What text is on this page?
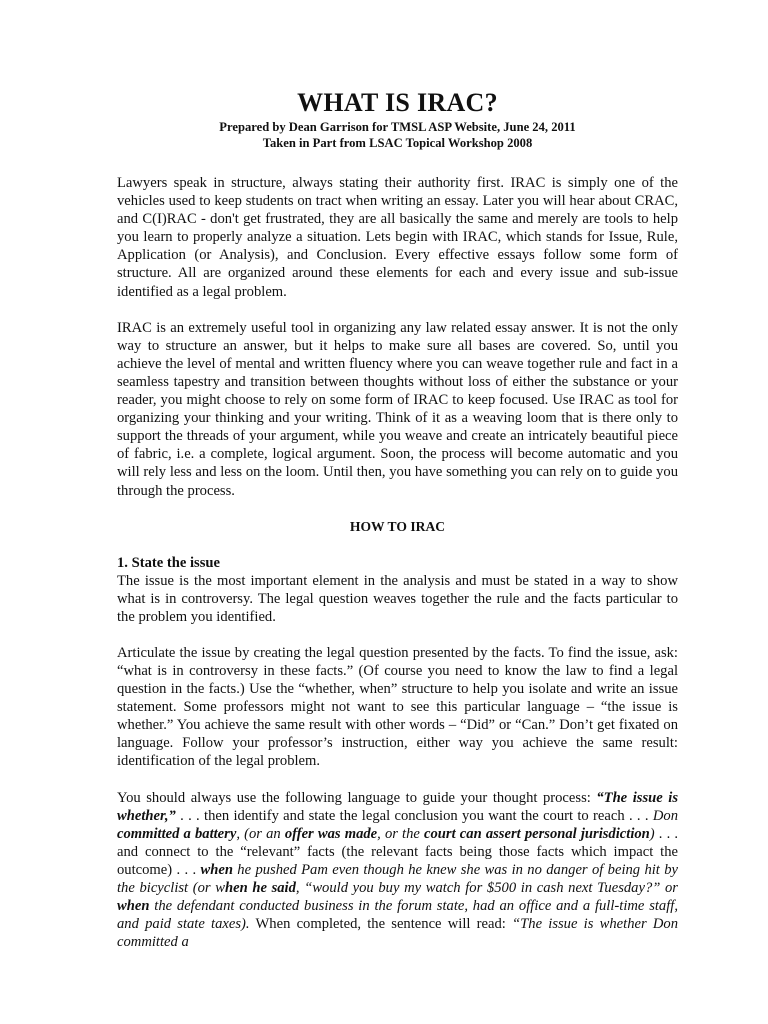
WHAT IS IRAC?
Prepared by Dean Garrison for TMSL ASP Website, June 24, 2011
Taken in Part from LSAC Topical Workshop 2008

Lawyers speak in structure, always stating their authority first. IRAC is simply one of the vehicles used to keep students on tract when writing an essay. Later you will hear about CRAC, and C(I)RAC - don't get frustrated, they are all basically the same and merely are tools to help you learn to properly analyze a situation. Lets begin with IRAC, which stands for Issue, Rule, Application (or Analysis), and Conclusion. Every effective essays follow some form of structure. All are organized around these elements for each and every issue and sub-issue identified as a legal problem.

IRAC is an extremely useful tool in organizing any law related essay answer. It is not the only way to structure an answer, but it helps to make sure all bases are covered. So, until you achieve the level of mental and written fluency where you can weave together rule and fact in a seamless tapestry and transition between thoughts without loss of either the substance or your reader, you might choose to rely on some form of IRAC to keep focused. Use IRAC as tool for organizing your thinking and your writing. Think of it as a weaving loom that is there only to support the threads of your argument, while you weave and create an intricately beautiful piece of fabric, i.e. a complete, logical argument. Soon, the process will become automatic and you will rely less and less on the loom. Until then, you have something you can rely on to guide you through the process.

HOW TO IRAC
1. State the issue

The issue is the most important element in the analysis and must be stated in a way to show what is in controversy. The legal question weaves together the rule and the facts particular to the problem you identified.

Articulate the issue by creating the legal question presented by the facts. To find the issue, ask: “what is in controversy in these facts.” (Of course you need to know the law to find a legal question in the facts.) Use the “whether, when” structure to help you isolate and write an issue statement. Some professors might not want to see this particular language – “the issue is whether.” You achieve the same result with other words – “Did” or “Can.” Don’t get fixated on language. Follow your professor’s instruction, either way you achieve the same result: identification of the legal problem.

You should always use the following language to guide your thought process: “The issue is whether,” . . . then identify and state the legal conclusion you want the court to reach . . . Don committed a battery, (or an offer was made, or the court can assert personal jurisdiction) . . . and connect to the “relevant” facts (the relevant facts being those facts which impact the outcome) . . . when he pushed Pam even though he knew she was in no danger of being hit by the bicyclist (or when he said, “would you buy my watch for $500 in cash next Tuesday?” or when the defendant conducted business in the forum state, had an office and a full-time staff, and paid state taxes). When completed, the sentence will read: “The issue is whether Don committed a
